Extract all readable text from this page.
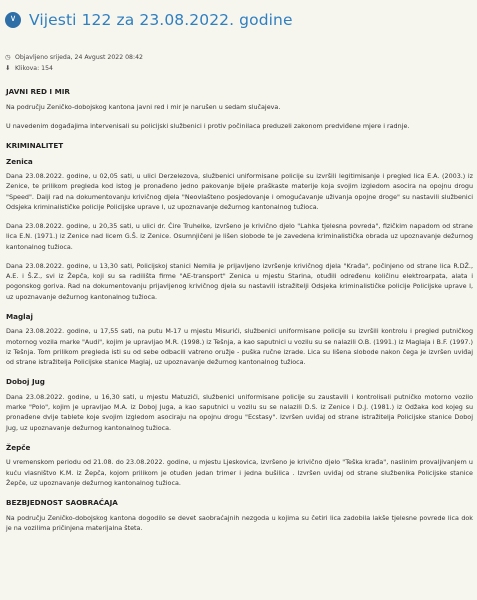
∨ Vijesti 122 za 23.08.2022. godine
◷ Objavljeno srijeda, 24 Avgust 2022 08:42
⬇ Klikova: 154
JAVNI RED I MIR

Na području Zeničko-dobojskog kantona javni red i mir je narušen u sedam slučajeva.

U navedenim događajima intervenisali su policijski službenici i protiv počinilaca preduzeli zakonom predviđene mjere i radnje.

KRIMINALITET
Zenica

Dana 23.08.2022. godine, u 02,05 sati, u ulici Derzelezova, službenici uniformisane policije su izvršili legitimisanje i pregled lica E.A. (2003.) iz Zenice, te prilikom pregleda kod istog je pronađeno jedno pakovanje bijele praškaste materije koja svojim izgledom asocira na opojnu drogu "Speed". Daiji rad na dokumentovanju krivičnog djela "Neovlašteno posjedovanje i omogućavanje uživanja opojne droge" su nastavili službenici Odsjeka kriminalističke policije Policijske uprave I, uz upoznavanje dežurnog kantonalnog tužioca.

Dana 23.08.2022. godine, u 20,35 sati, u ulici dr. Ćire Truhelke, izvršeno je krivično djelo "Lahka tjelesna povreda", fizičkim napadom od strane lica E.N. (1971.) iz Zenice nad licem G.Š. iz Zenice. Osumnjičeni je lišen slobode te je zavedena kriminalistička obrada uz upoznavanje dežurnog kantonalnog tužioca.

Dana 23.08.2022. godine, u 13,30 sati, Policijskoj stanici Nemila je prijavljeno izvršenje krivičnog djela "Krađa", počinjeno od strane lica R.DŽ., A.E. i Š.Z., svi iz Žepča, koji su sa radilišta firme "AE-transport" Zenica u mjestu Starina, otuđili određenu količinu elektroarpata, alata i pogonskog goriva. Rad na dokumentovanju prijavljenog krivičnog djela su nastavili istražitelji Odsjeka kriminalističke policije Policijske uprave I, uz upoznavanje dežurnog kantonalnog tužioca.

Maglaj

Dana 23.08.2022. godine, u 17,55 sati, na putu M-17 u mjestu Misurići, službenici uniformisane policije su izvršili kontrolu i pregled putničkog motornog vozila marke "Audi", kojim je upravljao M.R. (1998.) iz Tešnja, a kao saputnici u vozilu su se nalazili O.B. (1991.) iz Maglaja i B.F. (1997.) iz Tešnja. Tom prilikom pregleda isti su od sebe odbacili vatreno oružje - puška ručne izrade. Lica su lišena slobode nakon čega je izvršen uviđaj od strane istražitelja Policijske stanice Maglaj, uz upoznavanje dežurnog kantonalnog tužioca.

Doboj Jug

Dana 23.08.2022. godine, u 16,30 sati, u mjestu Matuzići, službenici uniformisane policije su zaustavili i kontrolisali putničko motorno vozilo marke "Polo", kojim je upravljao M.A. iz Doboj Juga, a kao saputnici u vozilu su se nalazili D.S. iz Zenice i D.J. (1981.) iz Odžaka kod kojeg su pronađene dvije tablete koje svojim izgledom asociraju na opojnu drogu "Ecstasy". Izvršen uviđaj od strane istražitelja Policijske stanice Doboj Jug, uz upoznavanje dežurnog kantonalnog tužioca.

Žepče

U vremenskom periodu od 21.08. do 23.08.2022. godine, u mjestu Ljeskovica, izvršeno je krivično djelo "Teška krađa", naslinim provaljivanjem u kuću vlasništvo K.M. iz Žepča, kojom prilikom je otuđen jedan trimer i jedna bušilica . Izvršen uviđaj od strane službenika Policijske stanice Žepče, uz upoznavanje dežurnog kantonalnog tužioca.

BEZBJEDNOST SAOBRAĆAJA

Na području Zeničko-dobojskog kantona dogodilo se devet saobraćajnih nezgoda u kojima su četiri lica zadobila lakše tjelesne povrede lica dok je na vozilima pričinjena materijalna šteta.
